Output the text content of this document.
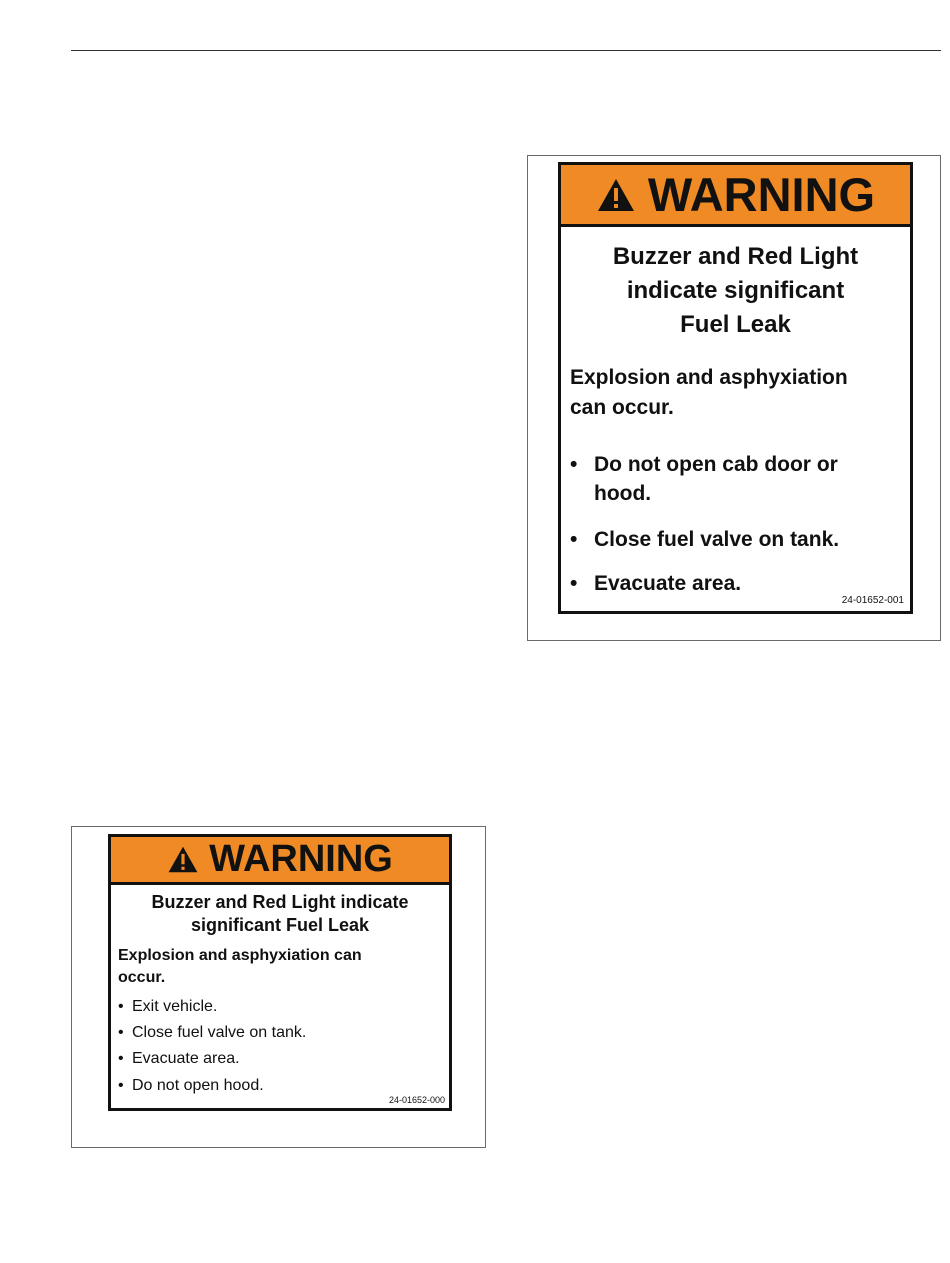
WARNING
Buzzer and Red Light
indicate significant
Fuel Leak
Explosion and asphyxiation
can occur.
• Do not open cab door or hood.
• Close fuel valve on tank.
• Evacuate area.
24-01652-001
WARNING
Buzzer and Red Light indicate
significant Fuel Leak
Explosion and asphyxiation can
occur.
• Exit vehicle.
• Close fuel valve on tank.
• Evacuate area.
• Do not open hood.
24-01652-000
